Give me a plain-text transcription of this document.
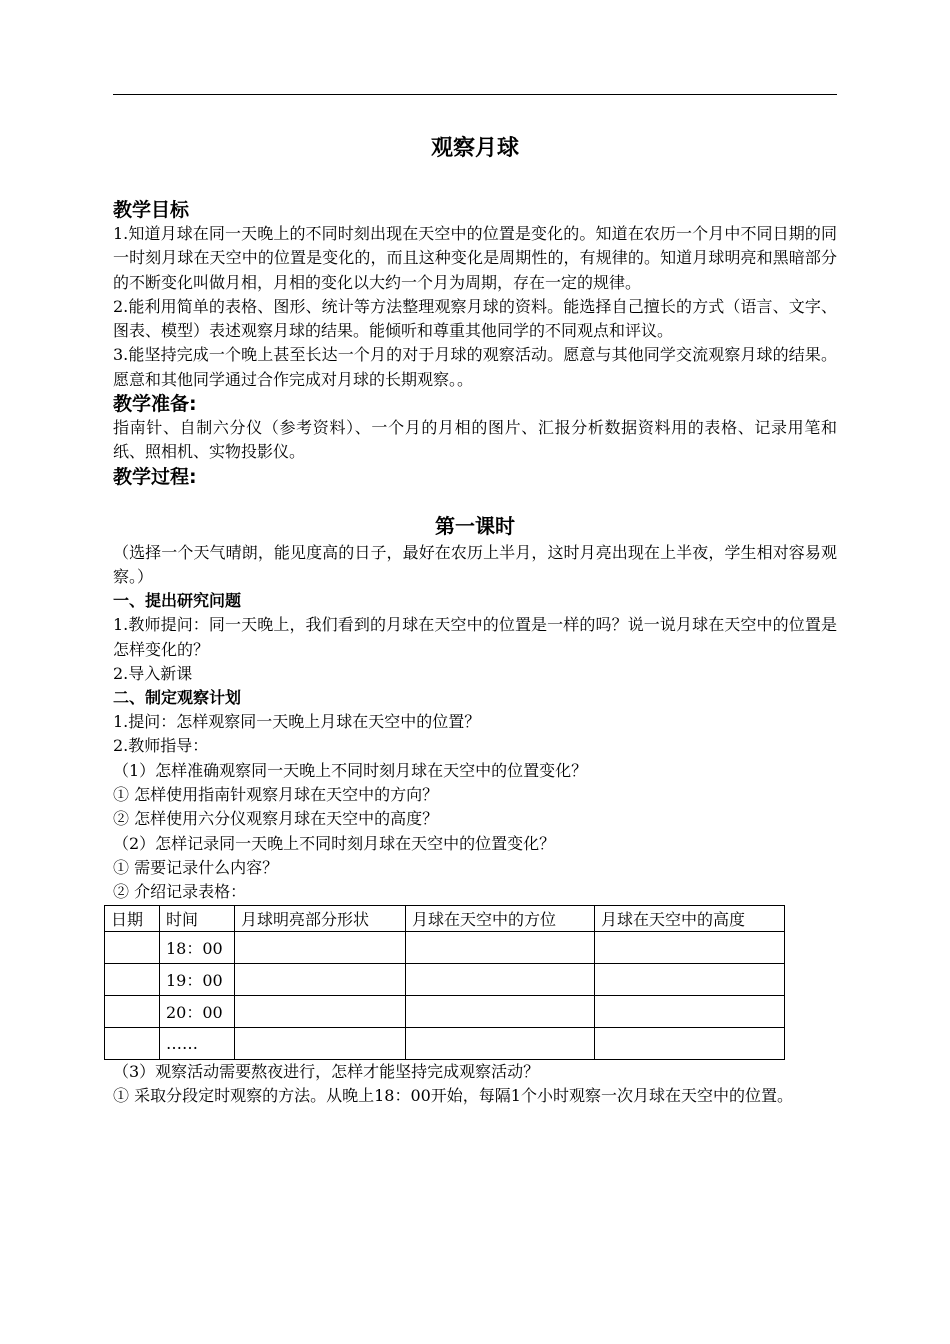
观察月球
教学目标

1.知道月球在同一天晚上的不同时刻出现在天空中的位置是变化的。知道在农历一个月中不同日期的同一时刻月球在天空中的位置是变化的，而且这种变化是周期性的，有规律的。知道月球明亮和黑暗部分的不断变化叫做月相，月相的变化以大约一个月为周期，存在一定的规律。

2.能利用简单的表格、图形、统计等方法整理观察月球的资料。能选择自己擅长的方式（语言、文字、图表、模型）表述观察月球的结果。能倾听和尊重其他同学的不同观点和评议。

3.能坚持完成一个晚上甚至长达一个月的对于月球的观察活动。愿意与其他同学交流观察月球的结果。愿意和其他同学通过合作完成对月球的长期观察。。

教学准备:

指南针、自制六分仪（参考资料）、一个月的月相的图片、汇报分析数据资料用的表格、记录用笔和纸、照相机、实物投影仪。

教学过程:
第一课时

（选择一个天气晴朗，能见度高的日子，最好在农历上半月，这时月亮出现在上半夜，学生相对容易观察。）

一、提出研究问题

1.教师提问：同一天晚上，我们看到的月球在天空中的位置是一样的吗？说一说月球在天空中的位置是怎样变化的？

2.导入新课

二、制定观察计划

1.提问：怎样观察同一天晚上月球在天空中的位置？

2.教师指导：

（1）怎样准确观察同一天晚上不同时刻月球在天空中的位置变化？

① 怎样使用指南针观察月球在天空中的方向？

② 怎样使用六分仪观察月球在天空中的高度？

（2）怎样记录同一天晚上不同时刻月球在天空中的位置变化？

① 需要记录什么内容？

② 介绍记录表格：

日期	时间	月球明亮部分形状	月球在天空中的方位	月球在天空中的高度
	18：00			
	19：00			
	20：00			
	……			

（3）观察活动需要熬夜进行，怎样才能坚持完成观察活动？

① 采取分段定时观察的方法。从晚上18：00开始，每隔1个小时观察一次月球在天空中的位置。
